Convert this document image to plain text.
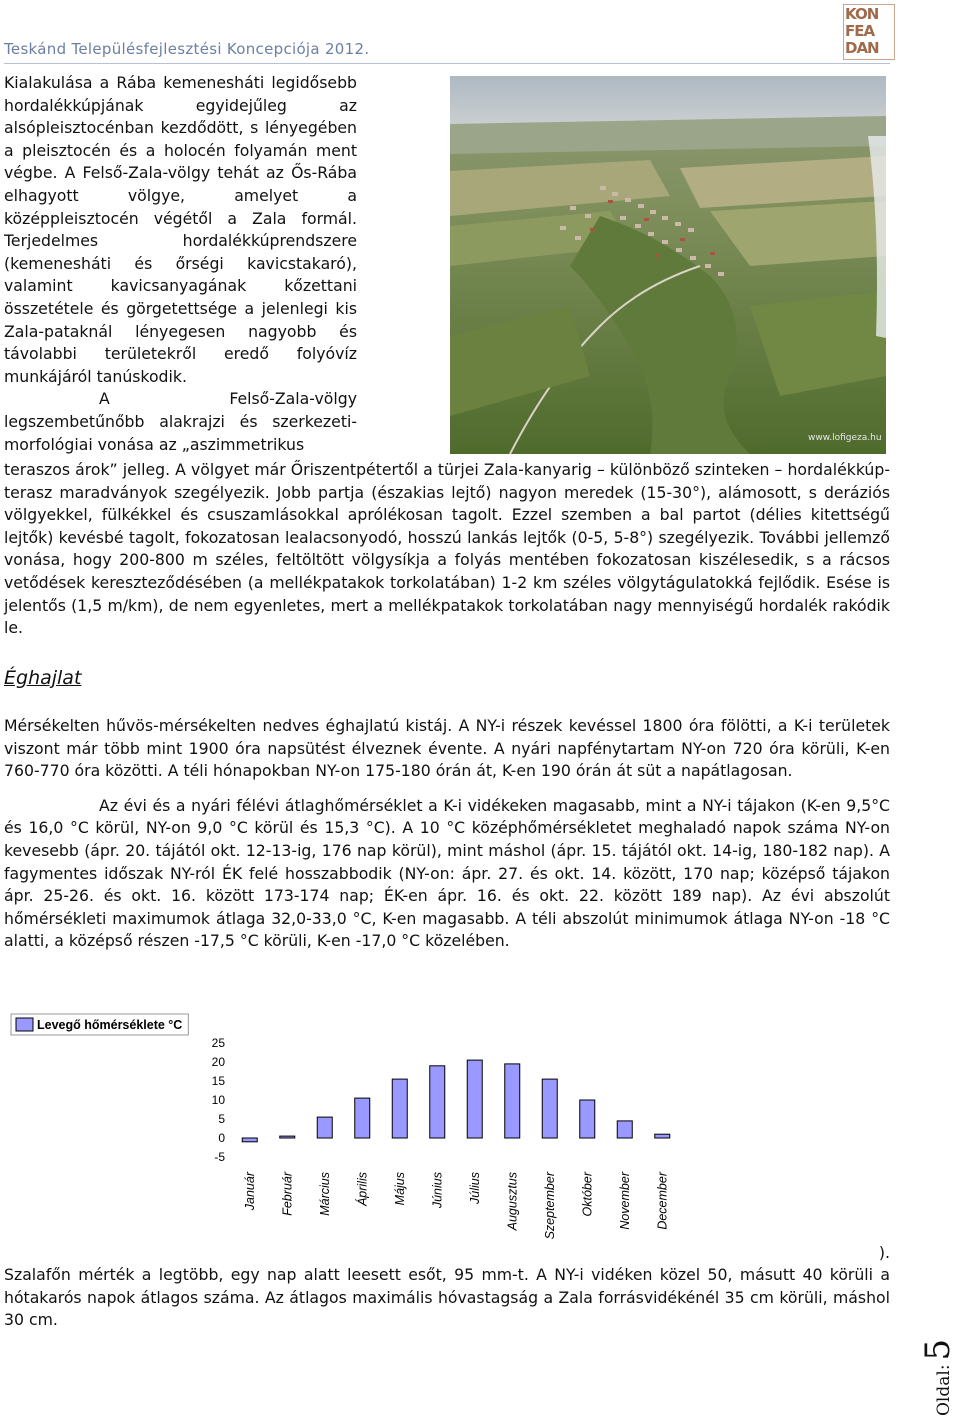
Teskánd Településfejlesztési Koncepciója 2012.
KON
FEA
DAN
www.lofigeza.hu

Kialakulása a Rába kemenesháti legidősebb hordalékkúpjának egyidejűleg az alsópleisztocénban kezdődött, s lényegében a pleisztocén és a holocén folyamán ment végbe. A Felső-Zala-völgy tehát az Ős-Rába elhagyott völgye, amelyet a középpleisztocén végétől a Zala formál. Terjedelmes hordalékkúprendszere (kemenesháti és őrségi kavicstakaró), valamint kavicsanyagának kőzettani összetétele és görgetettsége a jelenlegi kis Zala-pataknál lényegesen nagyobb és távolabbi területekről eredő folyóvíz munkájáról tanúskodik.

A Felső-Zala-völgy legszembetűnőbb alakrajzi és szerkezeti-morfológiai vonása az „aszimmetrikus

teraszos árok” jelleg. A völgyet már Őriszentpétertől a türjei Zala-kanyarig – különböző szinteken – hordalékkúp-terasz maradványok szegélyezik. Jobb partja (északias lejtő) nagyon meredek (15-30°), alámosott, s deráziós völgyekkel, fülkékkel és csuszamlásokkal aprólékosan tagolt. Ezzel szemben a bal partot (délies kitettségű lejtők) kevésbé tagolt, fokozatosan lealacsonyodó, hosszú lankás lejtők (0-5, 5-8°) szegélyezik. További jellemző vonása, hogy 200-800 m széles, feltöltött völgysíkja a folyás mentében fokozatosan kiszélesedik, s a rácsos vetődések kereszteződésében (a mellékpatakok torkolatában) 1-2 km széles völgytágulatokká fejlődik. Esése is jelentős (1,5 m/km), de nem egyenletes, mert a mellékpatakok torkolatában nagy mennyiségű hordalék rakódik le.

Éghajlat

Mérsékelten hűvös-mérsékelten nedves éghajlatú kistáj. A NY-i részek kevéssel 1800 óra fölötti, a K-i területek viszont már több mint 1900 óra napsütést élveznek évente. A nyári napfénytartam NY-on 720 óra körüli, K-en 760-770 óra közötti. A téli hónapokban NY-on 175-180 órán át, K-en 190 órán át süt a napátlagosan.

Az évi és a nyári félévi átlaghőmérséklet a K-i vidékeken magasabb, mint a NY-i tájakon (K-en 9,5°C és 16,0 °C körül, NY-on 9,0 °C körül és 15,3 °C). A 10 °C középhőmérsékletet meghaladó napok száma NY-on kevesebb (ápr. 20. tájától okt. 12-13-ig, 176 nap körül), mint máshol (ápr. 15. tájától okt. 14-ig, 180-182 nap). A fagymentes időszak NY-ról ÉK felé hosszabbodik (NY-on: ápr. 27. és okt. 14. között, 170 nap; középső tájakon ápr. 25-26. és okt. 16. között 173-174 nap; ÉK-en ápr. 16. és okt. 22. között 189 nap). Az évi abszolút hőmérsékleti maximumok átlaga 32,0-33,0 °C, K-en magasabb. A téli abszolút minimumok átlaga NY-on -18 °C alatti, a középső részen -17,5 °C körüli, K-en -17,0 °C közelében.

Levegő hőmérséklete °C
25
20
15
10
5
0
-5
Január Február Március Április Május Június Július Augusztus Szeptember Október November December
).

Szalafőn mérték a legtöbb, egy nap alatt leesett esőt, 95 mm-t. A NY-i vidéken közel 50, másutt 40 körüli a hótakarós napok átlagos száma. Az átlagos maximális hóvastagság a Zala forrásvidékénél 35 cm körüli, máshol 30 cm.

Oldal:5
